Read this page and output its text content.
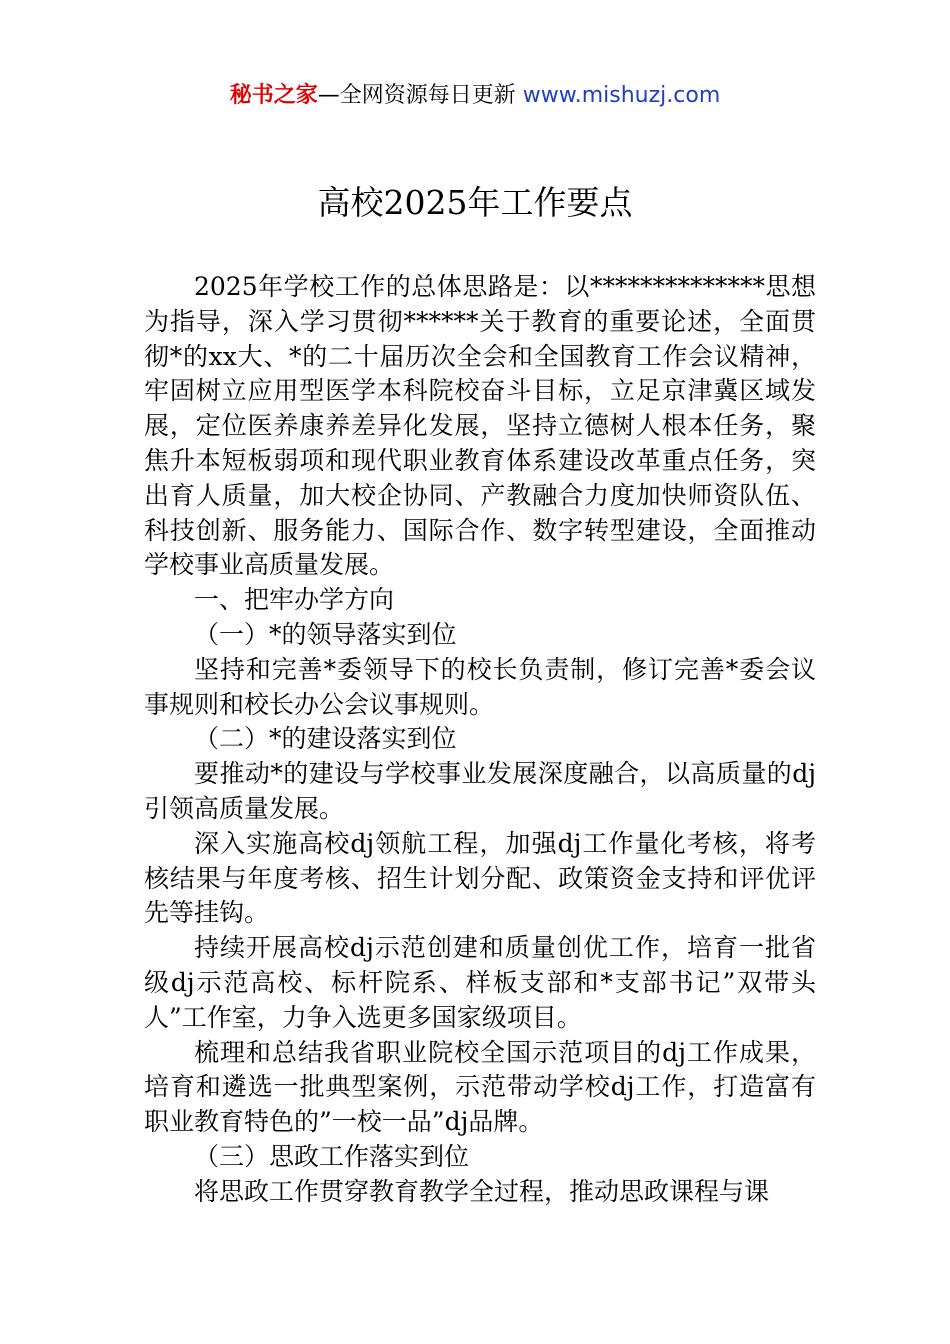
秘书之家—全网资源每日更新 www.mishuzj.com
高校2025年工作要点

2025年学校工作的总体思路是：以**************思想为指导，深入学习贯彻******关于教育的重要论述，全面贯彻*的xx大、*的二十届历次全会和全国教育工作会议精神，牢固树立应用型医学本科院校奋斗目标，立足京津冀区域发展，定位医养康养差异化发展，坚持立德树人根本任务，聚焦升本短板弱项和现代职业教育体系建设改革重点任务，突出育人质量，加大校企协同、产教融合力度加快师资队伍、科技创新、服务能力、国际合作、数字转型建设，全面推动学校事业高质量发展。

一、把牢办学方向

（一）*的领导落实到位

坚持和完善*委领导下的校长负责制，修订完善*委会议事规则和校长办公会议事规则。

（二）*的建设落实到位

要推动*的建设与学校事业发展深度融合，以高质量的dj引领高质量发展。

深入实施高校dj领航工程，加强dj工作量化考核，将考核结果与年度考核、招生计划分配、政策资金支持和评优评先等挂钩。

持续开展高校dj示范创建和质量创优工作，培育一批省级dj示范高校、标杆院系、样板支部和*支部书记”双带头人”工作室，力争入选更多国家级项目。

梳理和总结我省职业院校全国示范项目的dj工作成果，培育和遴选一批典型案例，示范带动学校dj工作，打造富有职业教育特色的”一校一品”dj品牌。

（三）思政工作落实到位

将思政工作贯穿教育教学全过程，推动思政课程与课
